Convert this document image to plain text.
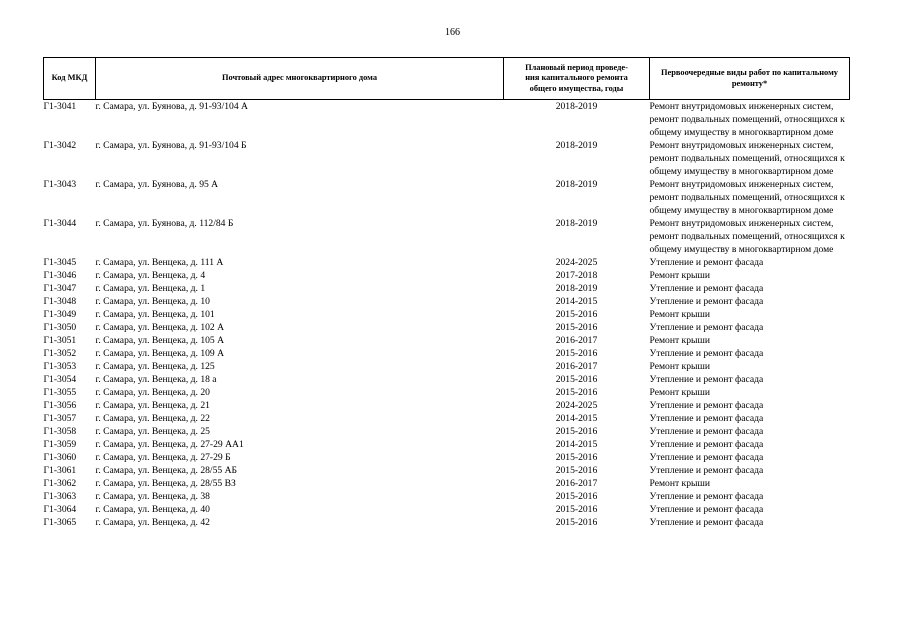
166
Код МКД	Почтовый адрес многоквартирного дома	Плановый период проведе-
ния капитального ремонта
общего имущества, годы	Первоочередные виды работ по капитальному
ремонту*

Г1-3041	г. Самара, ул. Буянова, д. 91-93/104 А	2018-2019	Ремонт внутридомовых инженерных систем,
ремонт подвальных помещений, относящихся к
общему имуществу в многоквартирном доме

Г1-3042	г. Самара, ул. Буянова, д. 91-93/104 Б	2018-2019	Ремонт внутридомовых инженерных систем,
ремонт подвальных помещений, относящихся к
общему имуществу в многоквартирном доме

Г1-3043	г. Самара, ул. Буянова, д. 95 А	2018-2019	Ремонт внутридомовых инженерных систем,
ремонт подвальных помещений, относящихся к
общему имуществу в многоквартирном доме

Г1-3044	г. Самара, ул. Буянова, д. 112/84 Б	2018-2019	Ремонт внутридомовых инженерных систем,
ремонт подвальных помещений, относящихся к
общему имуществу в многоквартирном доме

Г1-3045	г. Самара, ул. Венцека, д. 111 А	2024-2025	Утепление и ремонт фасада

Г1-3046	г. Самара, ул. Венцека, д. 4	2017-2018	Ремонт крыши

Г1-3047	г. Самара, ул. Венцека, д. 1	2018-2019	Утепление и ремонт фасада

Г1-3048	г. Самара, ул. Венцека, д. 10	2014-2015	Утепление и ремонт фасада

Г1-3049	г. Самара, ул. Венцека, д. 101	2015-2016	Ремонт крыши

Г1-3050	г. Самара, ул. Венцека, д. 102 А	2015-2016	Утепление и ремонт фасада

Г1-3051	г. Самара, ул. Венцека, д. 105 А	2016-2017	Ремонт крыши

Г1-3052	г. Самара, ул. Венцека, д. 109 А	2015-2016	Утепление и ремонт фасада

Г1-3053	г. Самара, ул. Венцека, д. 125	2016-2017	Ремонт крыши

Г1-3054	г. Самара, ул. Венцека, д. 18 а	2015-2016	Утепление и ремонт фасада

Г1-3055	г. Самара, ул. Венцека, д. 20	2015-2016	Ремонт крыши

Г1-3056	г. Самара, ул. Венцека, д. 21	2024-2025	Утепление и ремонт фасада

Г1-3057	г. Самара, ул. Венцека, д. 22	2014-2015	Утепление и ремонт фасада

Г1-3058	г. Самара, ул. Венцека, д. 25	2015-2016	Утепление и ремонт фасада

Г1-3059	г. Самара, ул. Венцека, д. 27-29 АА1	2014-2015	Утепление и ремонт фасада

Г1-3060	г. Самара, ул. Венцека, д. 27-29 Б	2015-2016	Утепление и ремонт фасада

Г1-3061	г. Самара, ул. Венцека, д. 28/55 АБ	2015-2016	Утепление и ремонт фасада

Г1-3062	г. Самара, ул. Венцека, д. 28/55 ВЗ	2016-2017	Ремонт крыши

Г1-3063	г. Самара, ул. Венцека, д. 38	2015-2016	Утепление и ремонт фасада

Г1-3064	г. Самара, ул. Венцека, д. 40	2015-2016	Утепление и ремонт фасада

Г1-3065	г. Самара, ул. Венцека, д. 42	2015-2016	Утепление и ремонт фасада
